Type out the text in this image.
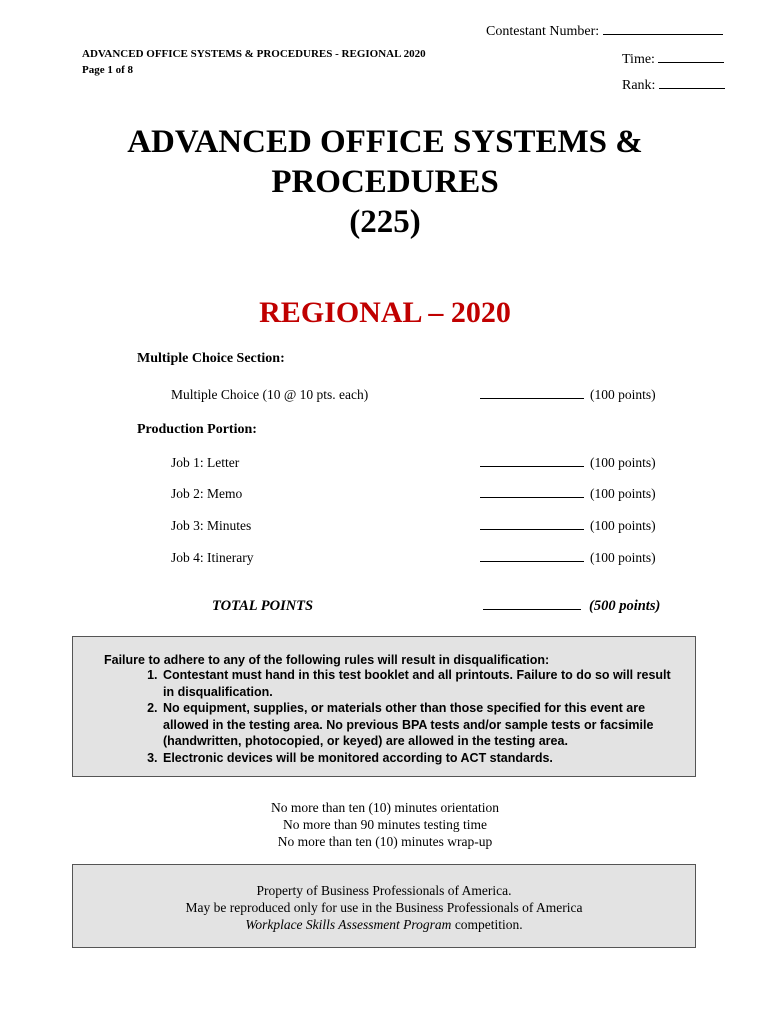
Contestant Number:
ADVANCED OFFICE SYSTEMS & PROCEDURES - REGIONAL 2020
Page 1 of 8
Time:
Rank:
ADVANCED OFFICE SYSTEMS &
PROCEDURES
(225)
REGIONAL – 2020
Multiple Choice Section:
Multiple Choice (10 @ 10 pts. each)	(100 points)
Production Portion:
Job 1: Letter	(100 points)
Job 2: Memo	(100 points)
Job 3: Minutes	(100 points)
Job 4: Itinerary	(100 points)
TOTAL POINTS	(500 points)
Failure to adhere to any of the following rules will result in disqualification:
1. Contestant must hand in this test booklet and all printouts. Failure to do so will result in disqualification.
2. No equipment, supplies, or materials other than those specified for this event are allowed in the testing area. No previous BPA tests and/or sample tests or facsimile (handwritten, photocopied, or keyed) are allowed in the testing area.
3. Electronic devices will be monitored according to ACT standards.
No more than ten (10) minutes orientation
No more than 90 minutes testing time
No more than ten (10) minutes wrap-up
Property of Business Professionals of America.
May be reproduced only for use in the Business Professionals of America
Workplace Skills Assessment Program competition.
